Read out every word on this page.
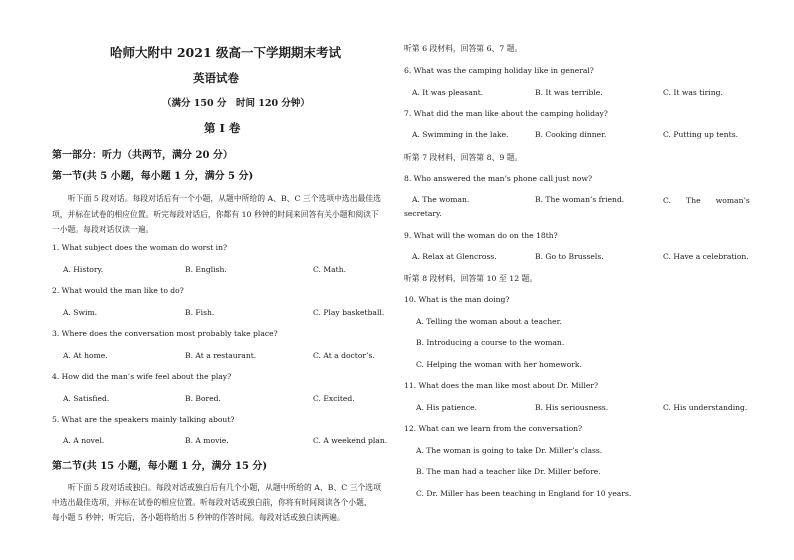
哈师大附中 2021 级高一下学期期末考试
英语试卷
（满分 150 分　时间 120 分钟）
第 I 卷
第一部分：听力（共两节，满分 20 分）
第一节(共 5 小题，每小题 1 分，满分 5 分)
听下面 5 段对话。每段对话后有一个小题，从题中所给的 A、B、C 三个选项中选出最佳选
项，并标在试卷的相应位置。听完每段对话后，你都有 10 秒钟的时间来回答有关小题和阅读下
一小题。每段对话仅读一遍。
1. What subject does the woman do worst in?
A. History.	B. English.	C. Math.
2. What would the man like to do?
A. Swim.	B. Fish.	C. Play basketball.
3. Where does the conversation most probably take place?
A. At home.	B. At a restaurant.	C. At a doctor’s.
4. How did the man’s wife feel about the play?
A. Satisfied.	B. Bored.	C. Excited.
5. What are the speakers mainly talking about?
A. A novel.	B. A movie.	C. A weekend plan.
第二节(共 15 小题，每小题 1 分，满分 15 分)
听下面 5 段对话或独白。每段对话或独白后有几个小题，从题中所给的 A、B、C 三个选项
中选出最佳选项，并标在试卷的相应位置。听每段对话或独白前，你将有时间阅读各个小题，
每小题 5 秒钟；听完后，各小题将给出 5 秒钟的作答时间。每段对话或独白读两遍。
听第 6 段材料，回答第 6、7 题。
6. What was the camping holiday like in general?
A. It was pleasant.	B. It was terrible.	C. It was tiring.
7. What did the man like about the camping holiday?
A. Swimming in the lake.	B. Cooking dinner.	C. Putting up tents.
听第 7 段材料，回答第 8、9 题。
8. Who answered the man’s phone call just now?
A. The woman.	B. The woman’s friend.	C.　　The　　woman’s
secretary.
9. What will the woman do on the 18th?
A. Relax at Glencross.	B. Go to Brussels.	C. Have a celebration.
听第 8 段材料，回答第 10 至 12 题。
10. What is the man doing?
A. Telling the woman about a teacher.
B. Introducing a course to the woman.
C. Helping the woman with her homework.
11. What does the man like most about Dr. Miller?
A. His patience.	B. His seriousness.	C. His understanding.
12. What can we learn from the conversation?
A. The woman is going to take Dr. Miller’s class.
B. The man had a teacher like Dr. Miller before.
C. Dr. Miller has been teaching in England for 10 years.
